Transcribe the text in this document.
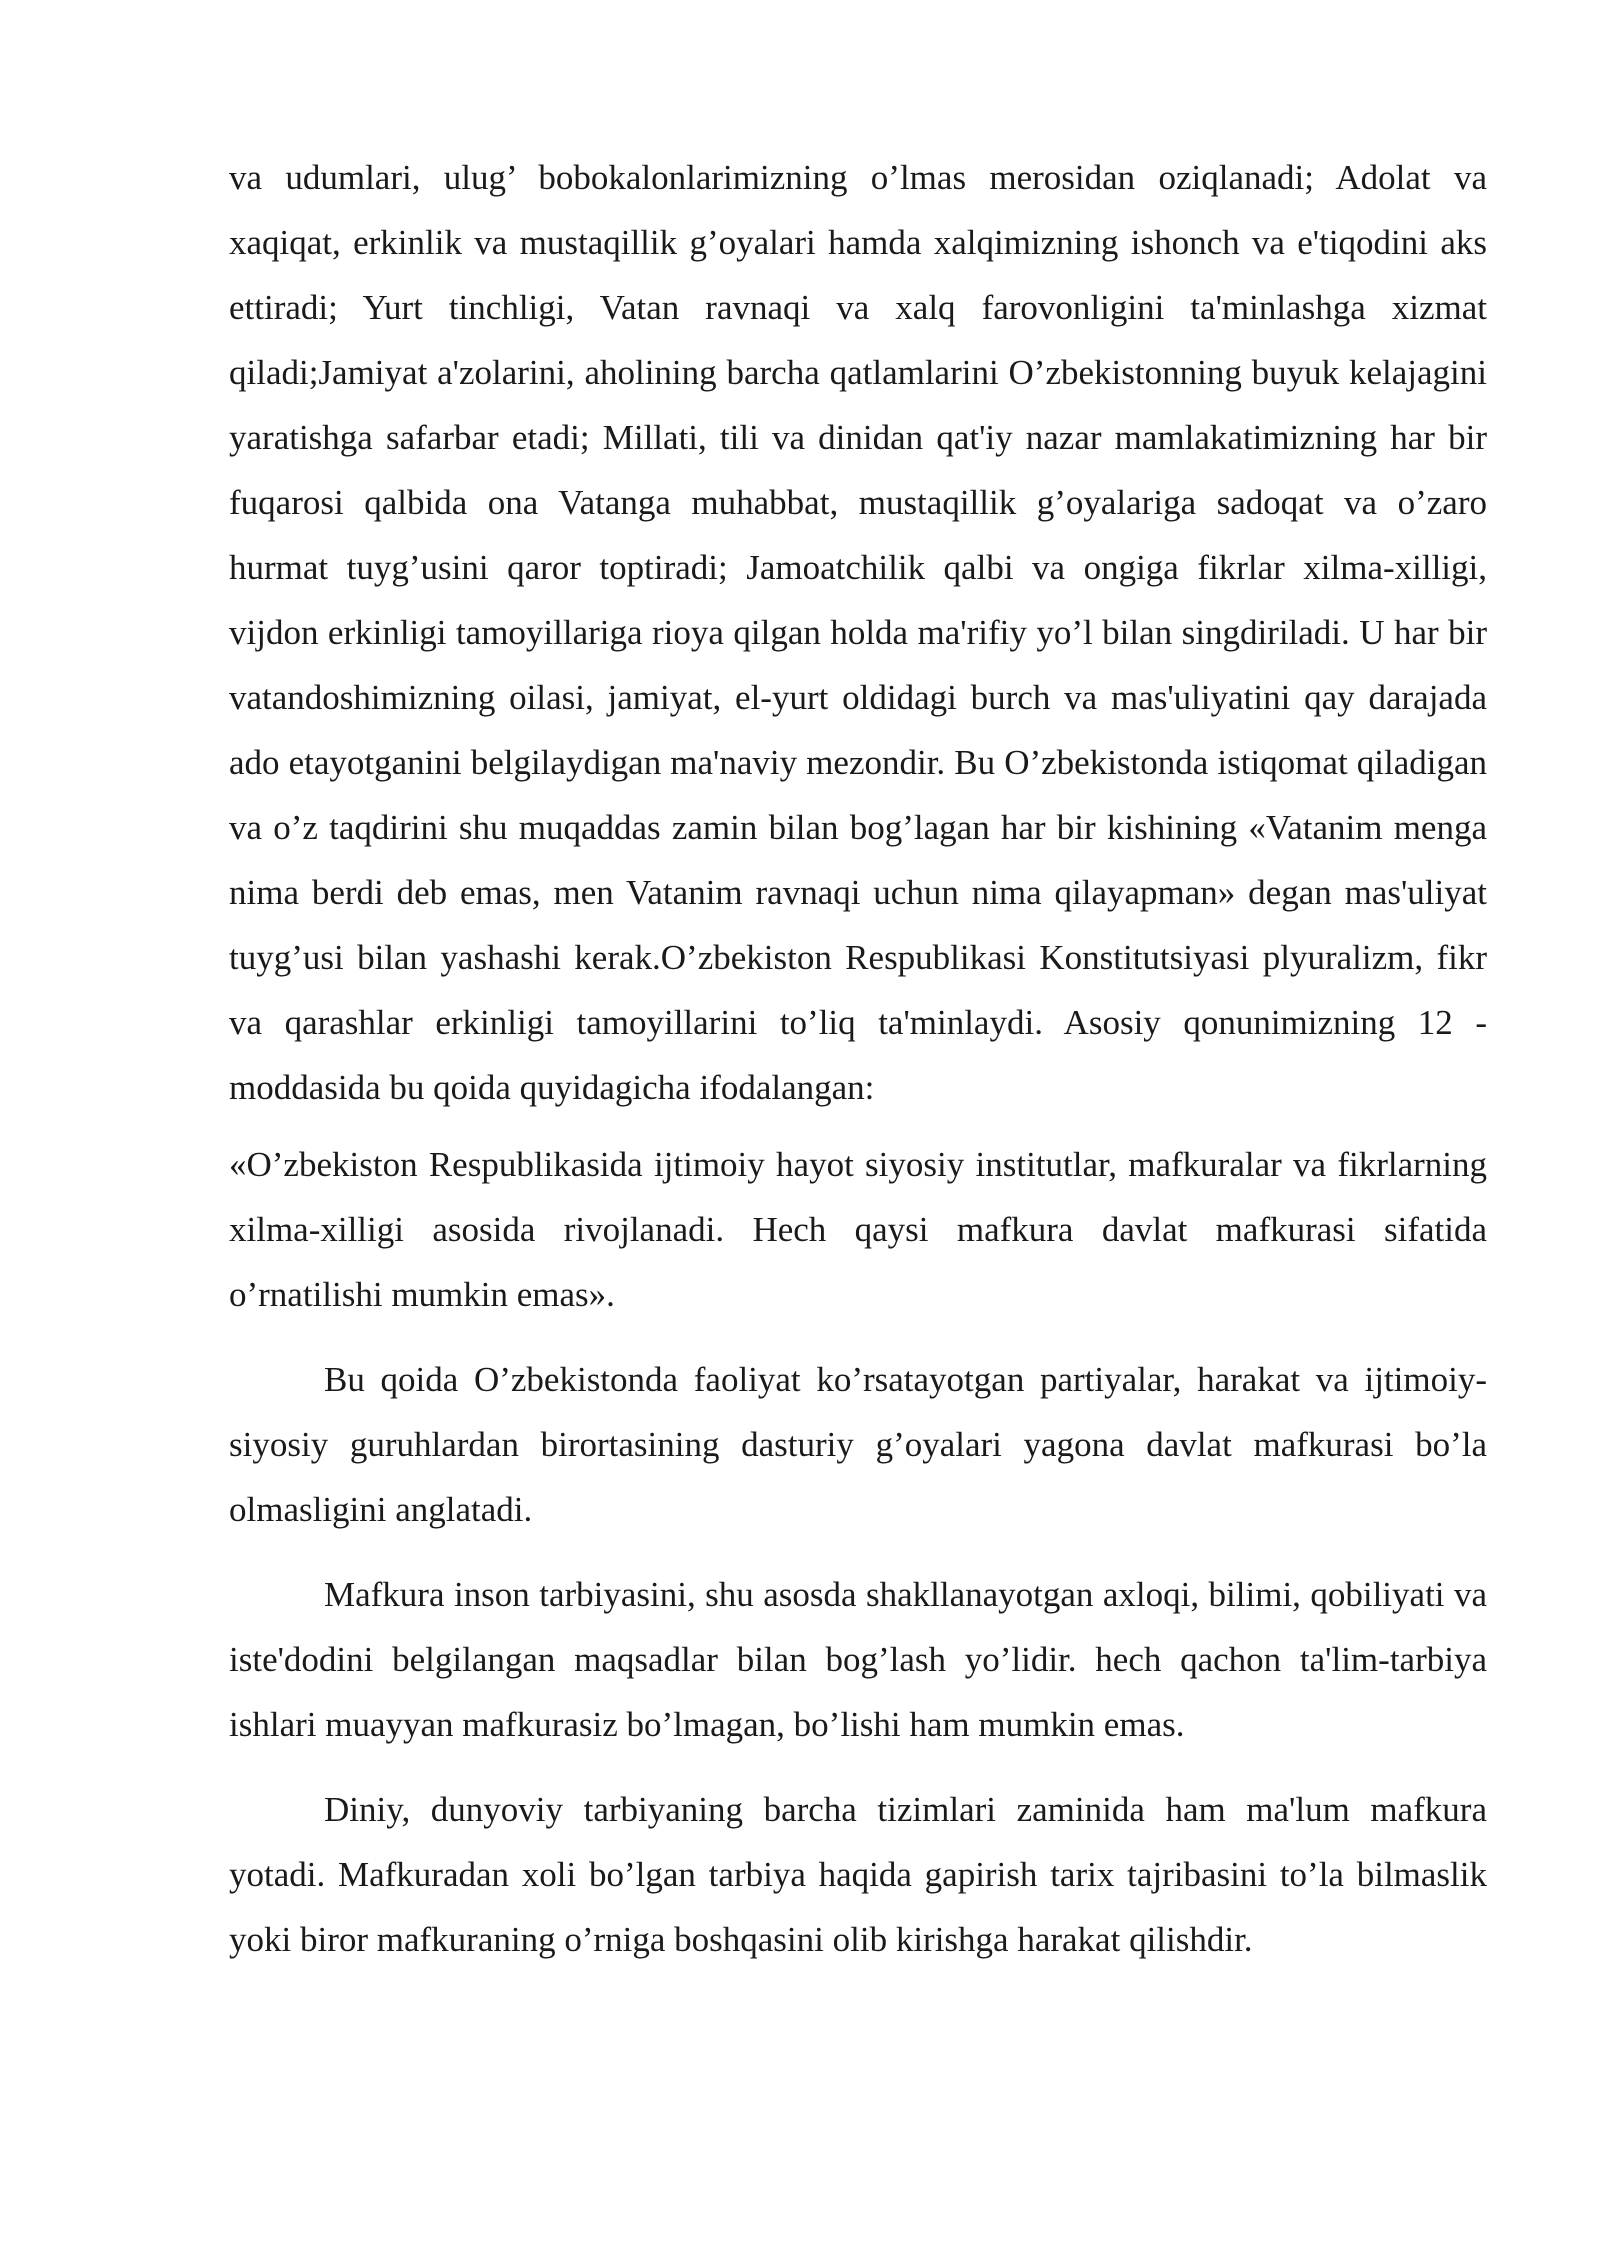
va udumlari, ulug’ bobokalonlarimizning o’lmas merosidan oziqlanadi; Adolat va xaqiqat, erkinlik va mustaqillik g’oyalari hamda xalqimizning ishonch va e'tiqodini aks ettiradi; Yurt tinchligi, Vatan ravnaqi va xalq farovonligini ta'minlashga xizmat qiladi;Jamiyat a'zolarini, aholining barcha qatlamlarini O’zbekistonning buyuk kelajagini yaratishga safarbar etadi; Millati, tili va dinidan qat'iy nazar mamlakatimizning har bir fuqarosi qalbida ona Vatanga muhabbat, mustaqillik g’oyalariga sadoqat va o’zaro hurmat tuyg’usini qaror toptiradi; Jamoatchilik qalbi va ongiga fikrlar xilma-xilligi, vijdon erkinligi tamoyillariga rioya qilgan holda ma'rifiy yo’l bilan singdiriladi. U har bir vatandoshimizning oilasi, jamiyat, el-yurt oldidagi burch va mas'uliyatini qay darajada ado etayotganini belgilaydigan ma'naviy mezondir. Bu O’zbekistonda istiqomat qiladigan va o’z taqdirini shu muqaddas zamin bilan bog’lagan har bir kishining «Vatanim menga nima berdi deb emas, men Vatanim ravnaqi uchun nima qilayapman» degan mas'uliyat tuyg’usi bilan yashashi kerak.O’zbekiston Respublikasi Konstitutsiyasi plyuralizm, fikr va qarashlar erkinligi tamoyillarini to’liq ta'minlaydi. Asosiy qonunimizning 12 - moddasida bu qoida quyidagicha ifodalangan:

«O’zbekiston Respublikasida ijtimoiy hayot siyosiy institutlar, mafkuralar va fikrlarning xilma-xilligi asosida rivojlanadi. Hech qaysi mafkura davlat mafkurasi sifatida o’rnatilishi mumkin emas».

Bu qoida O’zbekistonda faoliyat ko’rsatayotgan partiyalar, harakat va ijtimoiy-siyosiy guruhlardan birortasining dasturiy g’oyalari yagona davlat mafkurasi bo’la olmasligini anglatadi.

Mafkura inson tarbiyasini, shu asosda shakllanayotgan axloqi, bilimi, qobiliyati va iste'dodini belgilangan maqsadlar bilan bog’lash yo’lidir. hech qachon ta'lim-tarbiya ishlari muayyan mafkurasiz bo’lmagan, bo’lishi ham mumkin emas.

Diniy, dunyoviy tarbiyaning barcha tizimlari zaminida ham ma'lum mafkura yotadi. Mafkuradan xoli bo’lgan tarbiya haqida gapirish tarix tajribasini to’la bilmaslik yoki biror mafkuraning o’rniga boshqasini olib kirishga harakat qilishdir.
